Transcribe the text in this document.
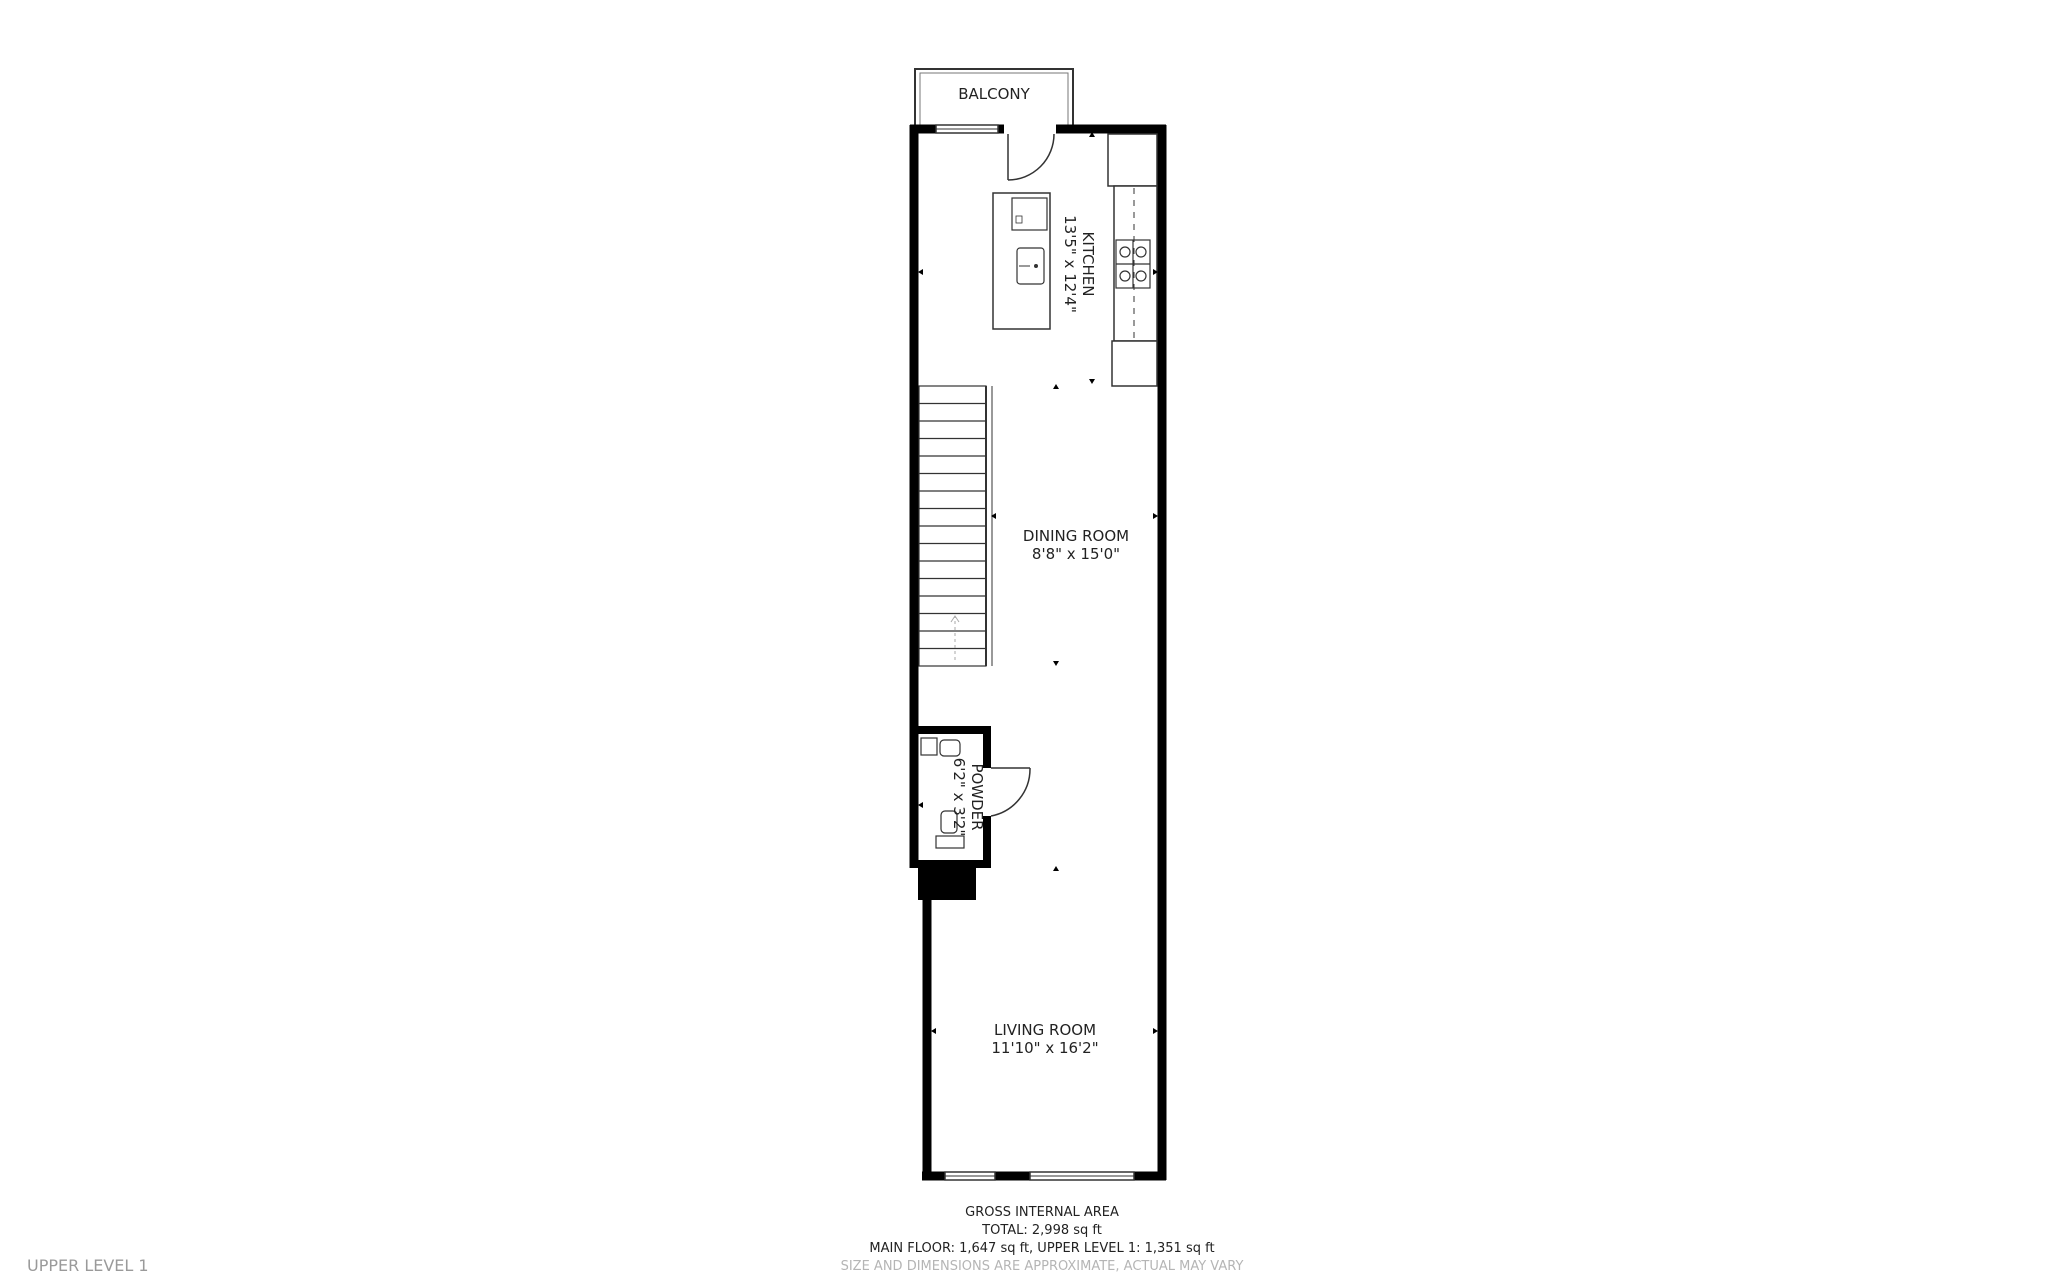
BALCONY
KITCHEN
13'5" x 12'4"
DINING ROOM
8'8" x 15'0"
POWDER
6'2" x 3'2"
LIVING ROOM
11'10" x 16'2"
GROSS INTERNAL AREA
TOTAL: 2,998 sq ft
MAIN FLOOR: 1,647 sq ft, UPPER LEVEL 1: 1,351 sq ft
SIZE AND DIMENSIONS ARE APPROXIMATE, ACTUAL MAY VARY
UPPER LEVEL 1
